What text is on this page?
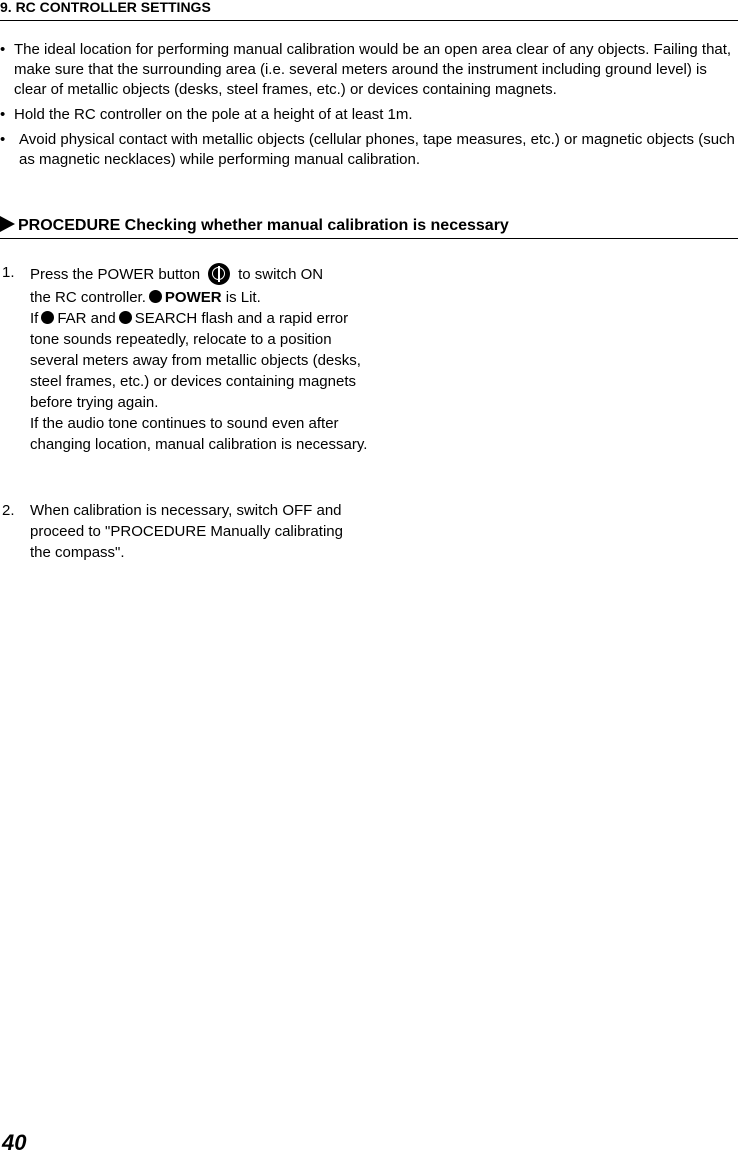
9. RC CONTROLLER SETTINGS
• The ideal location for performing manual calibration would be an open area clear of any objects. Failing that, make sure that the surrounding area (i.e. several meters around the instrument including ground level) is clear of metallic objects (desks, steel frames, etc.) or devices containing magnets.
• Hold the RC controller on the pole at a height of at least 1m.
• Avoid physical contact with metallic objects (cellular phones, tape measures, etc.) or magnetic objects (such as magnetic necklaces) while performing manual calibration.
PROCEDURE Checking whether manual calibration is necessary
1. Press the POWER button	to switch ON
the RC controller. POWER is Lit.
If FAR and SEARCH flash and a rapid error tone sounds repeatedly, relocate to a position several meters away from metallic objects (desks, steel frames, etc.) or devices containing magnets before trying again.
If the audio tone continues to sound even after changing location, manual calibration is necessary.
2. When calibration is necessary, switch OFF and proceed to "PROCEDURE Manually calibrating the compass".
40
